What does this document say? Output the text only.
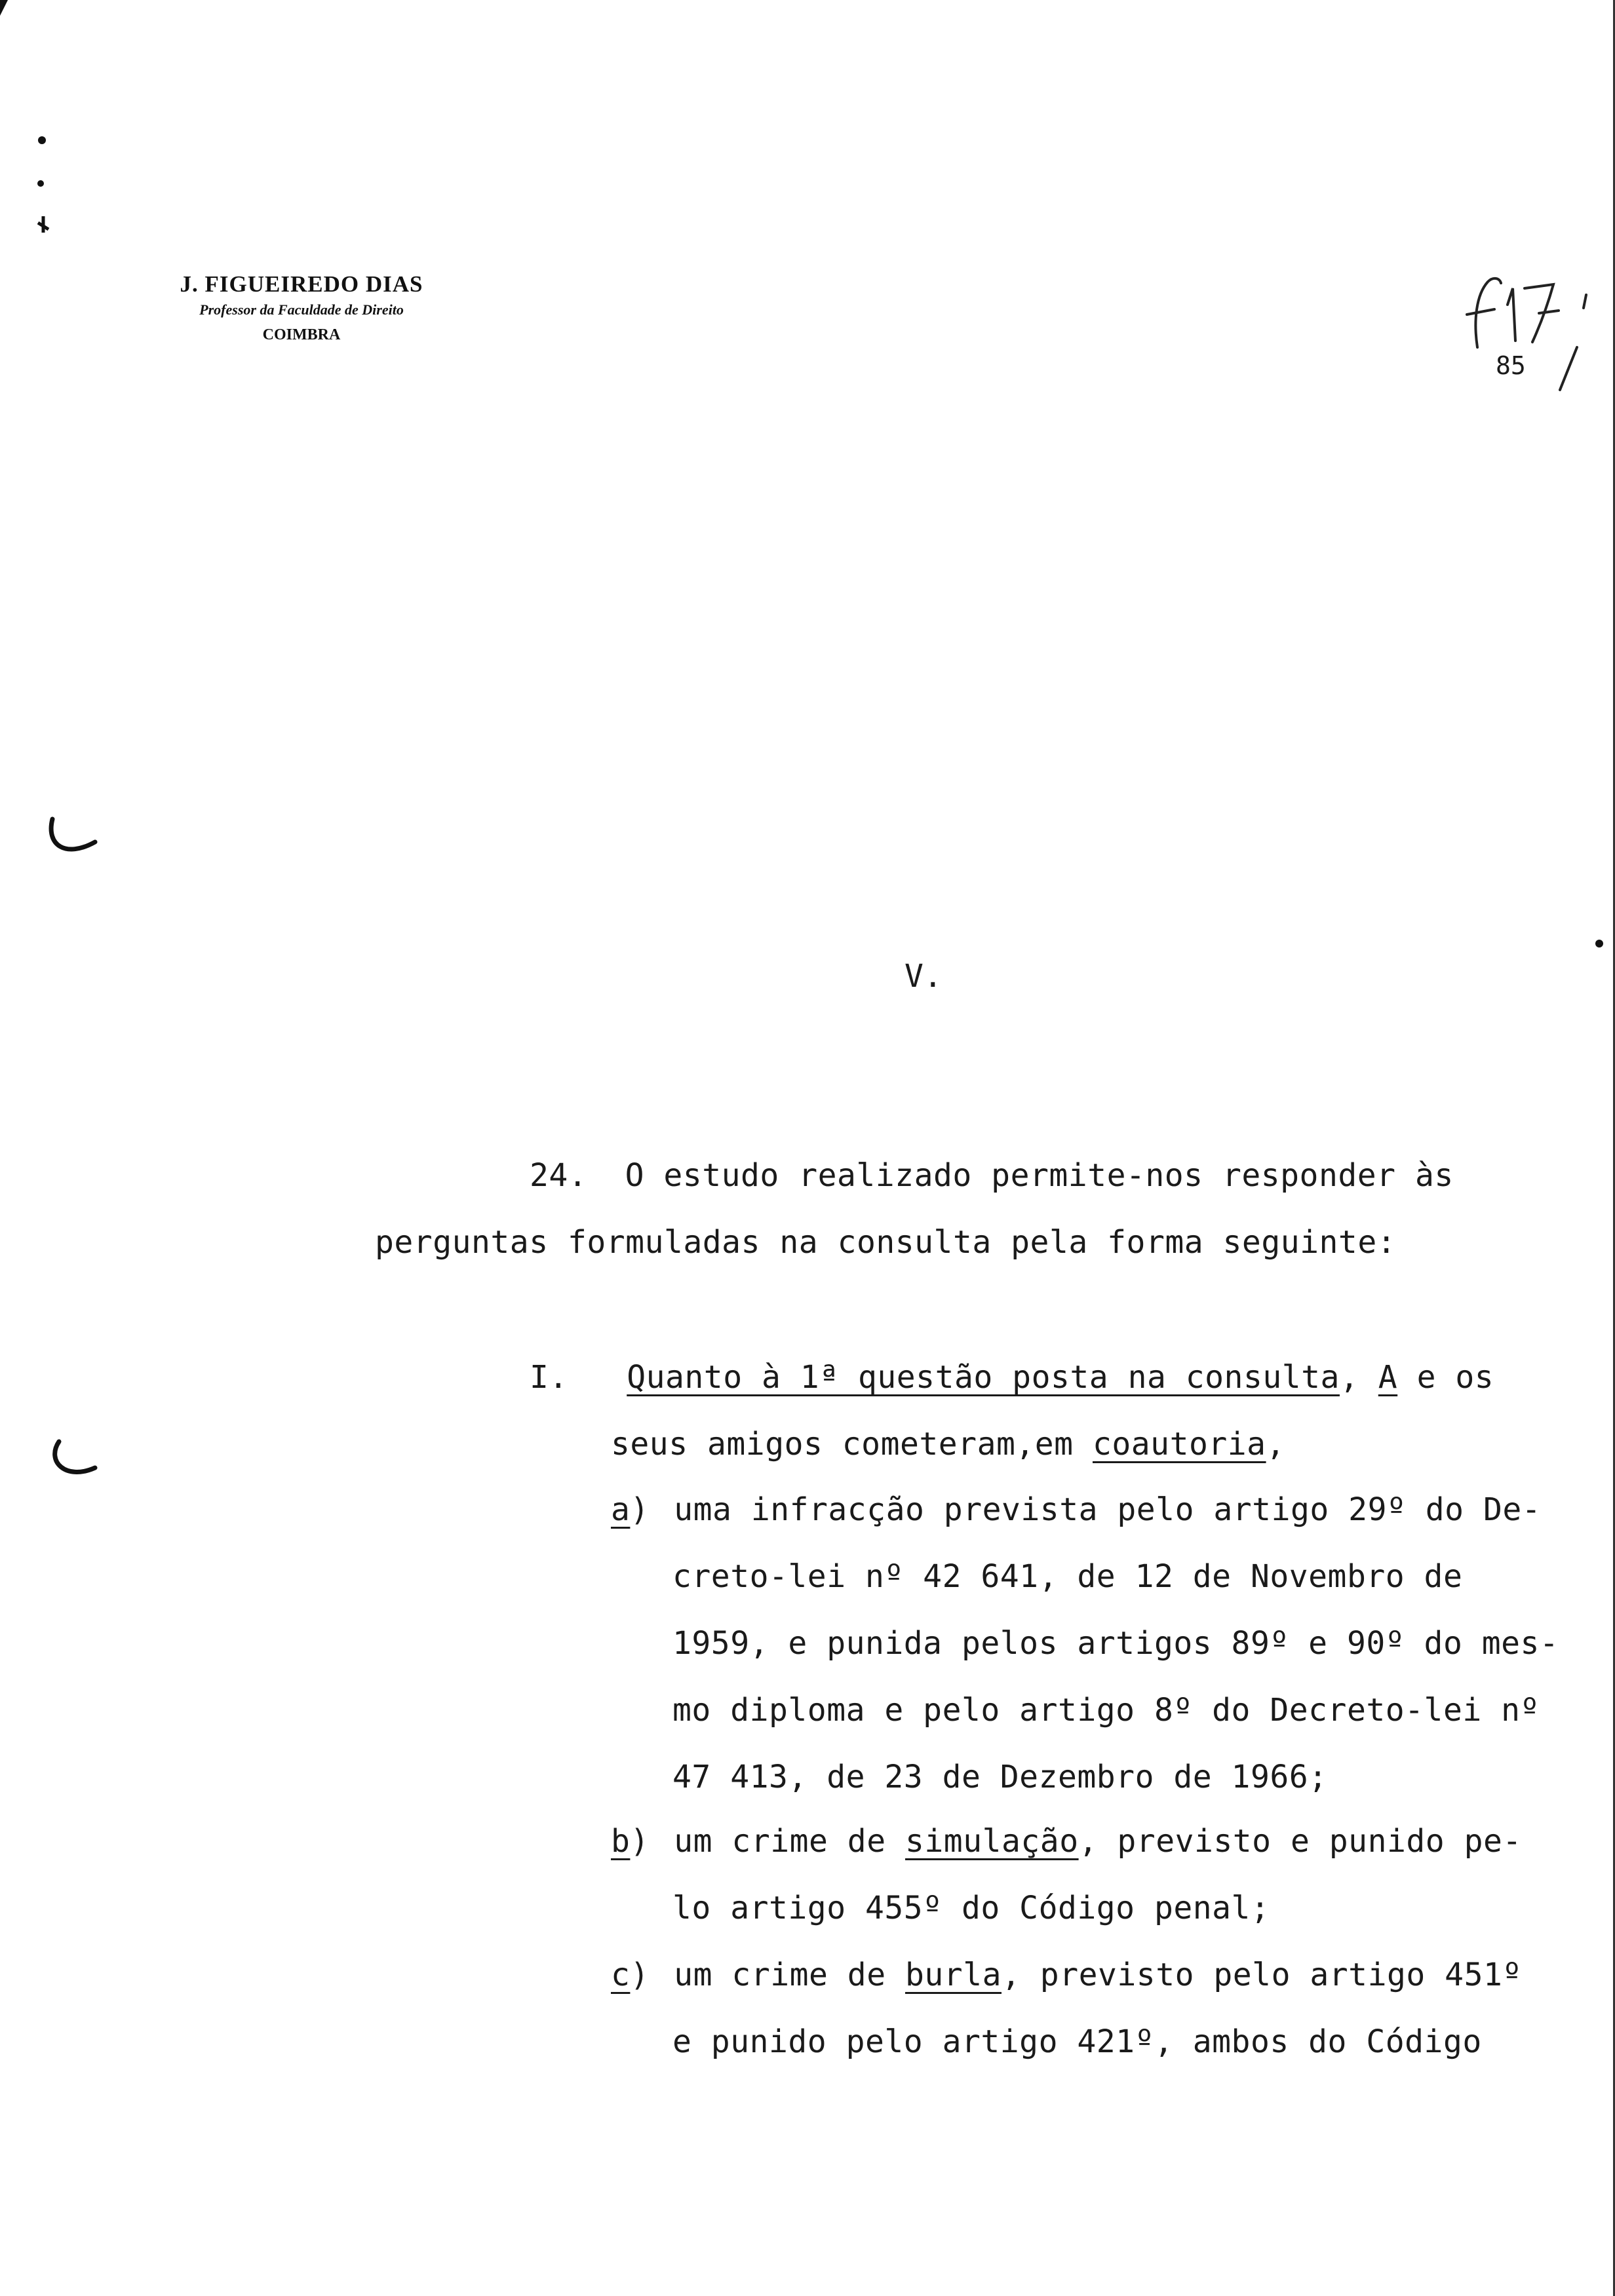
J. FIGUEIREDO DIAS
Professor da Faculdade de Direito
COIMBRA
85
V.
24. O estudo realizado permite-nos responder às
perguntas formuladas na consulta pela forma seguinte:
I. Quanto à 1ª questão posta na consulta, A e os
seus amigos cometeram,em coautoria,
a) uma infracção prevista pelo artigo 29º do De-
creto-lei nº 42 641, de 12 de Novembro de
1959, e punida pelos artigos 89º e 90º do mes-
mo diploma e pelo artigo 8º do Decreto-lei nº
47 413, de 23 de Dezembro de 1966;
b) um crime de simulação, previsto e punido pe-
lo artigo 455º do Código penal;
c) um crime de burla, previsto pelo artigo 451º
e punido pelo artigo 421º, ambos do Código
